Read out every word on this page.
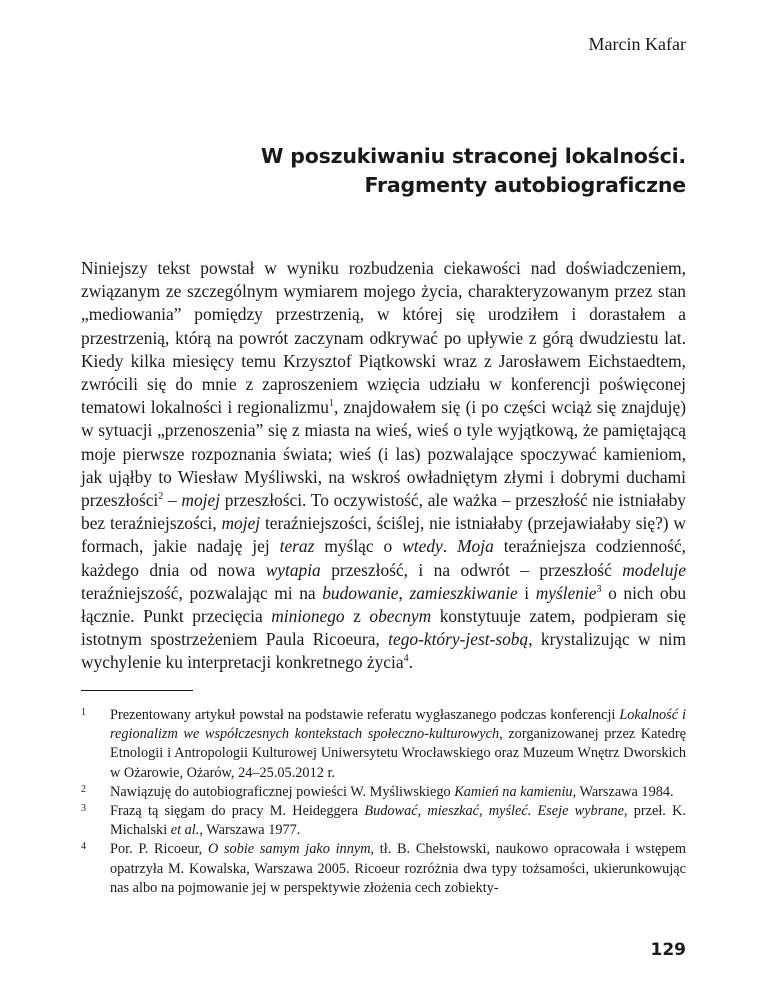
Marcin Kafar
W poszukiwaniu straconej lokalności.
Fragmenty autobiograficzne

Niniejszy tekst powstał w wyniku rozbudzenia ciekawości nad doświadczeniem, związanym ze szczególnym wymiarem mojego życia, charakteryzowanym przez stan „mediowania” pomiędzy przestrzenią, w której się urodziłem i dorastałem a przestrzenią, którą na powrót zaczynam odkrywać po upływie z górą dwudziestu lat. Kiedy kilka miesięcy temu Krzysztof Piątkowski wraz z Jarosławem Eichstaedtem, zwrócili się do mnie z zaproszeniem wzięcia udziału w konferencji poświęconej tematowi lokalności i regionalizmu$^1$, znajdowałem się (i po części wciąż się znajduję) w sytuacji „przenoszenia” się z miasta na wieś, wieś o tyle wyjątkową, że pamiętającą moje pierwsze rozpoznania świata; wieś (i las) pozwalające spoczywać kamieniom, jak ująłby to Wiesław Myśliwski, na wskroś owładniętym złymi i dobrymi duchami przeszłości$^2$ – mojej przeszłości. To oczywistość, ale ważka – przeszłość nie istniałaby bez teraźniejszości, mojej teraźniejszości, ściślej, nie istniałaby (przejawiałaby się?) w formach, jakie nadaję jej teraz myśląc o wtedy. Moja teraźniejsza codzienność, każdego dnia od nowa wytapia przeszłość, i na odwrót – przeszłość modeluje teraźniejszość, pozwalając mi na budowanie, zamieszkiwanie i myślenie$^3$ o nich obu łącznie. Punkt przecięcia minionego z obecnym konstytuuje zatem, podpieram się istotnym spostrzeżeniem Paula Ricoeura, tego-który-jest-sobą, krystalizując w nim wychylenie ku interpretacji konkretnego życia$^4$.

1 Prezentowany artykuł powstał na podstawie referatu wygłaszanego podczas konferencji Lokalność i regionalizm we współczesnych kontekstach społeczno-kulturowych, zorganizowanej przez Katedrę Etnologii i Antropologii Kulturowej Uniwersytetu Wrocławskiego oraz Muzeum Wnętrz Dworskich w Ożarowie, Ożarów, 24–25.05.2012 r.
2 Nawiązuję do autobiograficznej powieści W. Myśliwskiego Kamień na kamieniu, Warszawa 1984.
3 Frazą tą sięgam do pracy M. Heideggera Budować, mieszkać, myśleć. Eseje wybrane, przeł. K. Michalski et al., Warszawa 1977.
4 Por. P. Ricoeur, O sobie samym jako innym, tł. B. Chełstowski, naukowo opracowała i wstępem opatrzyła M. Kowalska, Warszawa 2005. Ricoeur rozróżnia dwa typy tożsamości, ukierunkowując nas albo na pojmowanie jej w perspektywie złożenia cech zobiekty-
129
